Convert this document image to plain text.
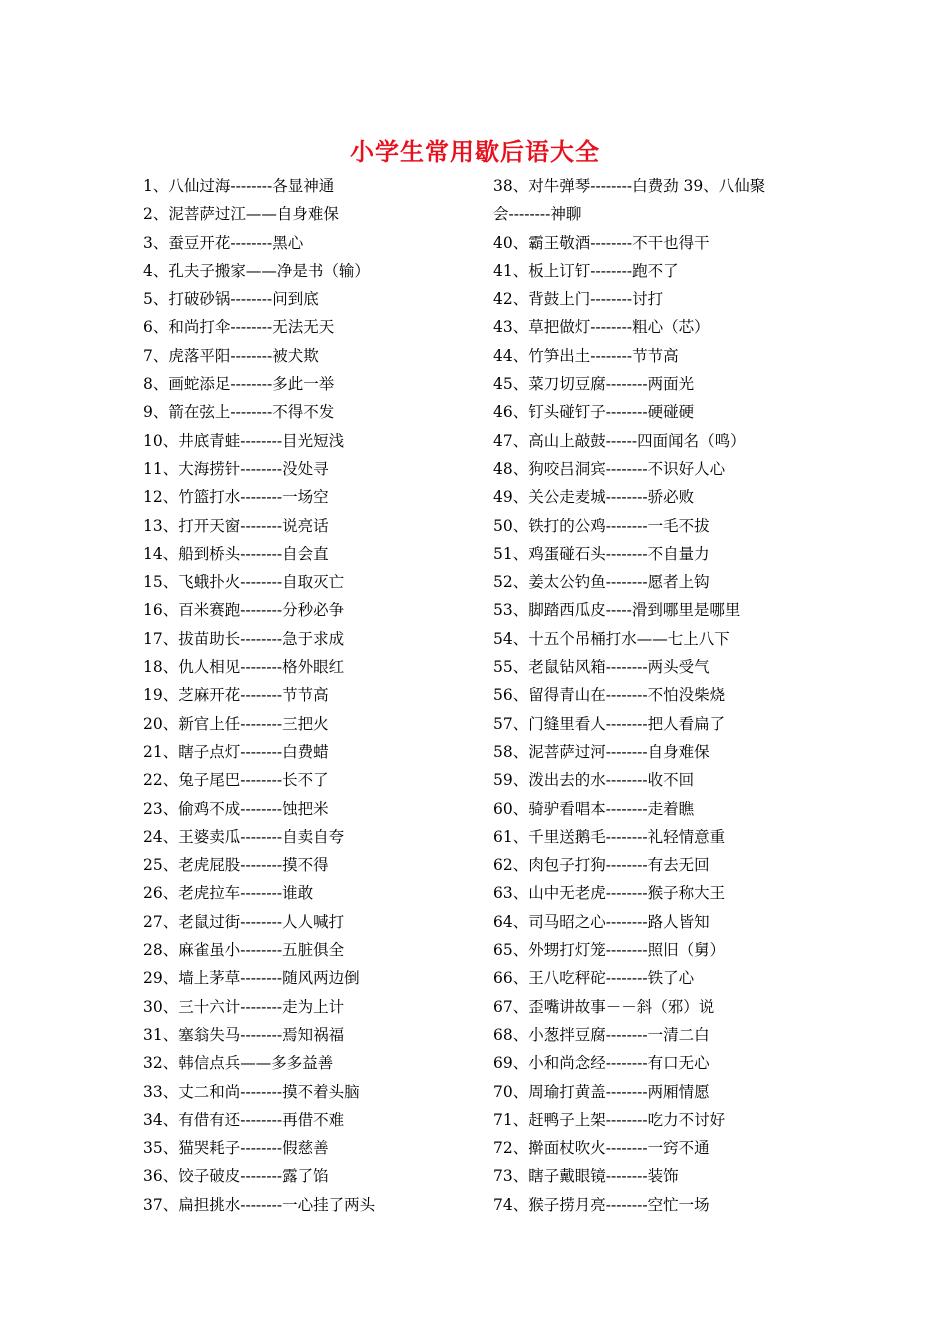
小学生常用歇后语大全
1、八仙过海--------各显神通
2、泥菩萨过江——自身难保
3、蚕豆开花--------黑心
4、孔夫子搬家——净是书（输）
5、打破砂锅--------问到底
6、和尚打伞--------无法无天
7、虎落平阳--------被犬欺
8、画蛇添足--------多此一举
9、箭在弦上--------不得不发
10、井底青蛙--------目光短浅
11、大海捞针--------没处寻
12、竹篮打水--------一场空
13、打开天窗--------说亮话
14、船到桥头--------自会直
15、飞蛾扑火--------自取灭亡
16、百米赛跑--------分秒必争
17、拔苗助长--------急于求成
18、仇人相见--------格外眼红
19、芝麻开花--------节节高
20、新官上任--------三把火
21、瞎子点灯--------白费蜡
22、兔子尾巴--------长不了
23、偷鸡不成--------蚀把米
24、王婆卖瓜--------自卖自夸
25、老虎屁股--------摸不得
26、老虎拉车--------谁敢
27、老鼠过街--------人人喊打
28、麻雀虽小--------五脏俱全
29、墙上茅草--------随风两边倒
30、三十六计--------走为上计
31、塞翁失马--------焉知祸福
32、韩信点兵——多多益善
33、丈二和尚--------摸不着头脑
34、有借有还--------再借不难
35、猫哭耗子--------假慈善
36、饺子破皮--------露了馅
37、扁担挑水--------一心挂了两头
38、对牛弹琴--------白费劲 39、八仙聚
会--------神聊
40、霸王敬酒--------不干也得干
41、板上订钉--------跑不了
42、背鼓上门--------讨打
43、草把做灯--------粗心（芯）
44、竹笋出土--------节节高
45、菜刀切豆腐--------两面光
46、钉头碰钉子--------硬碰硬
47、高山上敲鼓------四面闻名（鸣）
48、狗咬吕洞宾--------不识好人心
49、关公走麦城--------骄必败
50、铁打的公鸡--------一毛不拔
51、鸡蛋碰石头--------不自量力
52、姜太公钓鱼--------愿者上钩
53、脚踏西瓜皮-----滑到哪里是哪里
54、十五个吊桶打水——七上八下
55、老鼠钻风箱--------两头受气
56、留得青山在--------不怕没柴烧
57、门缝里看人--------把人看扁了
58、泥菩萨过河--------自身难保
59、泼出去的水--------收不回
60、骑驴看唱本--------走着瞧
61、千里送鹅毛--------礼轻情意重
62、肉包子打狗--------有去无回
63、山中无老虎--------猴子称大王
64、司马昭之心--------路人皆知
65、外甥打灯笼--------照旧（舅）
66、王八吃秤砣--------铁了心
67、歪嘴讲故事－－斜（邪）说
68、小葱拌豆腐--------一清二白
69、小和尚念经--------有口无心
70、周瑜打黄盖--------两厢情愿
71、赶鸭子上架--------吃力不讨好
72、擀面杖吹火--------一窍不通
73、瞎子戴眼镜--------装饰
74、猴子捞月亮--------空忙一场
